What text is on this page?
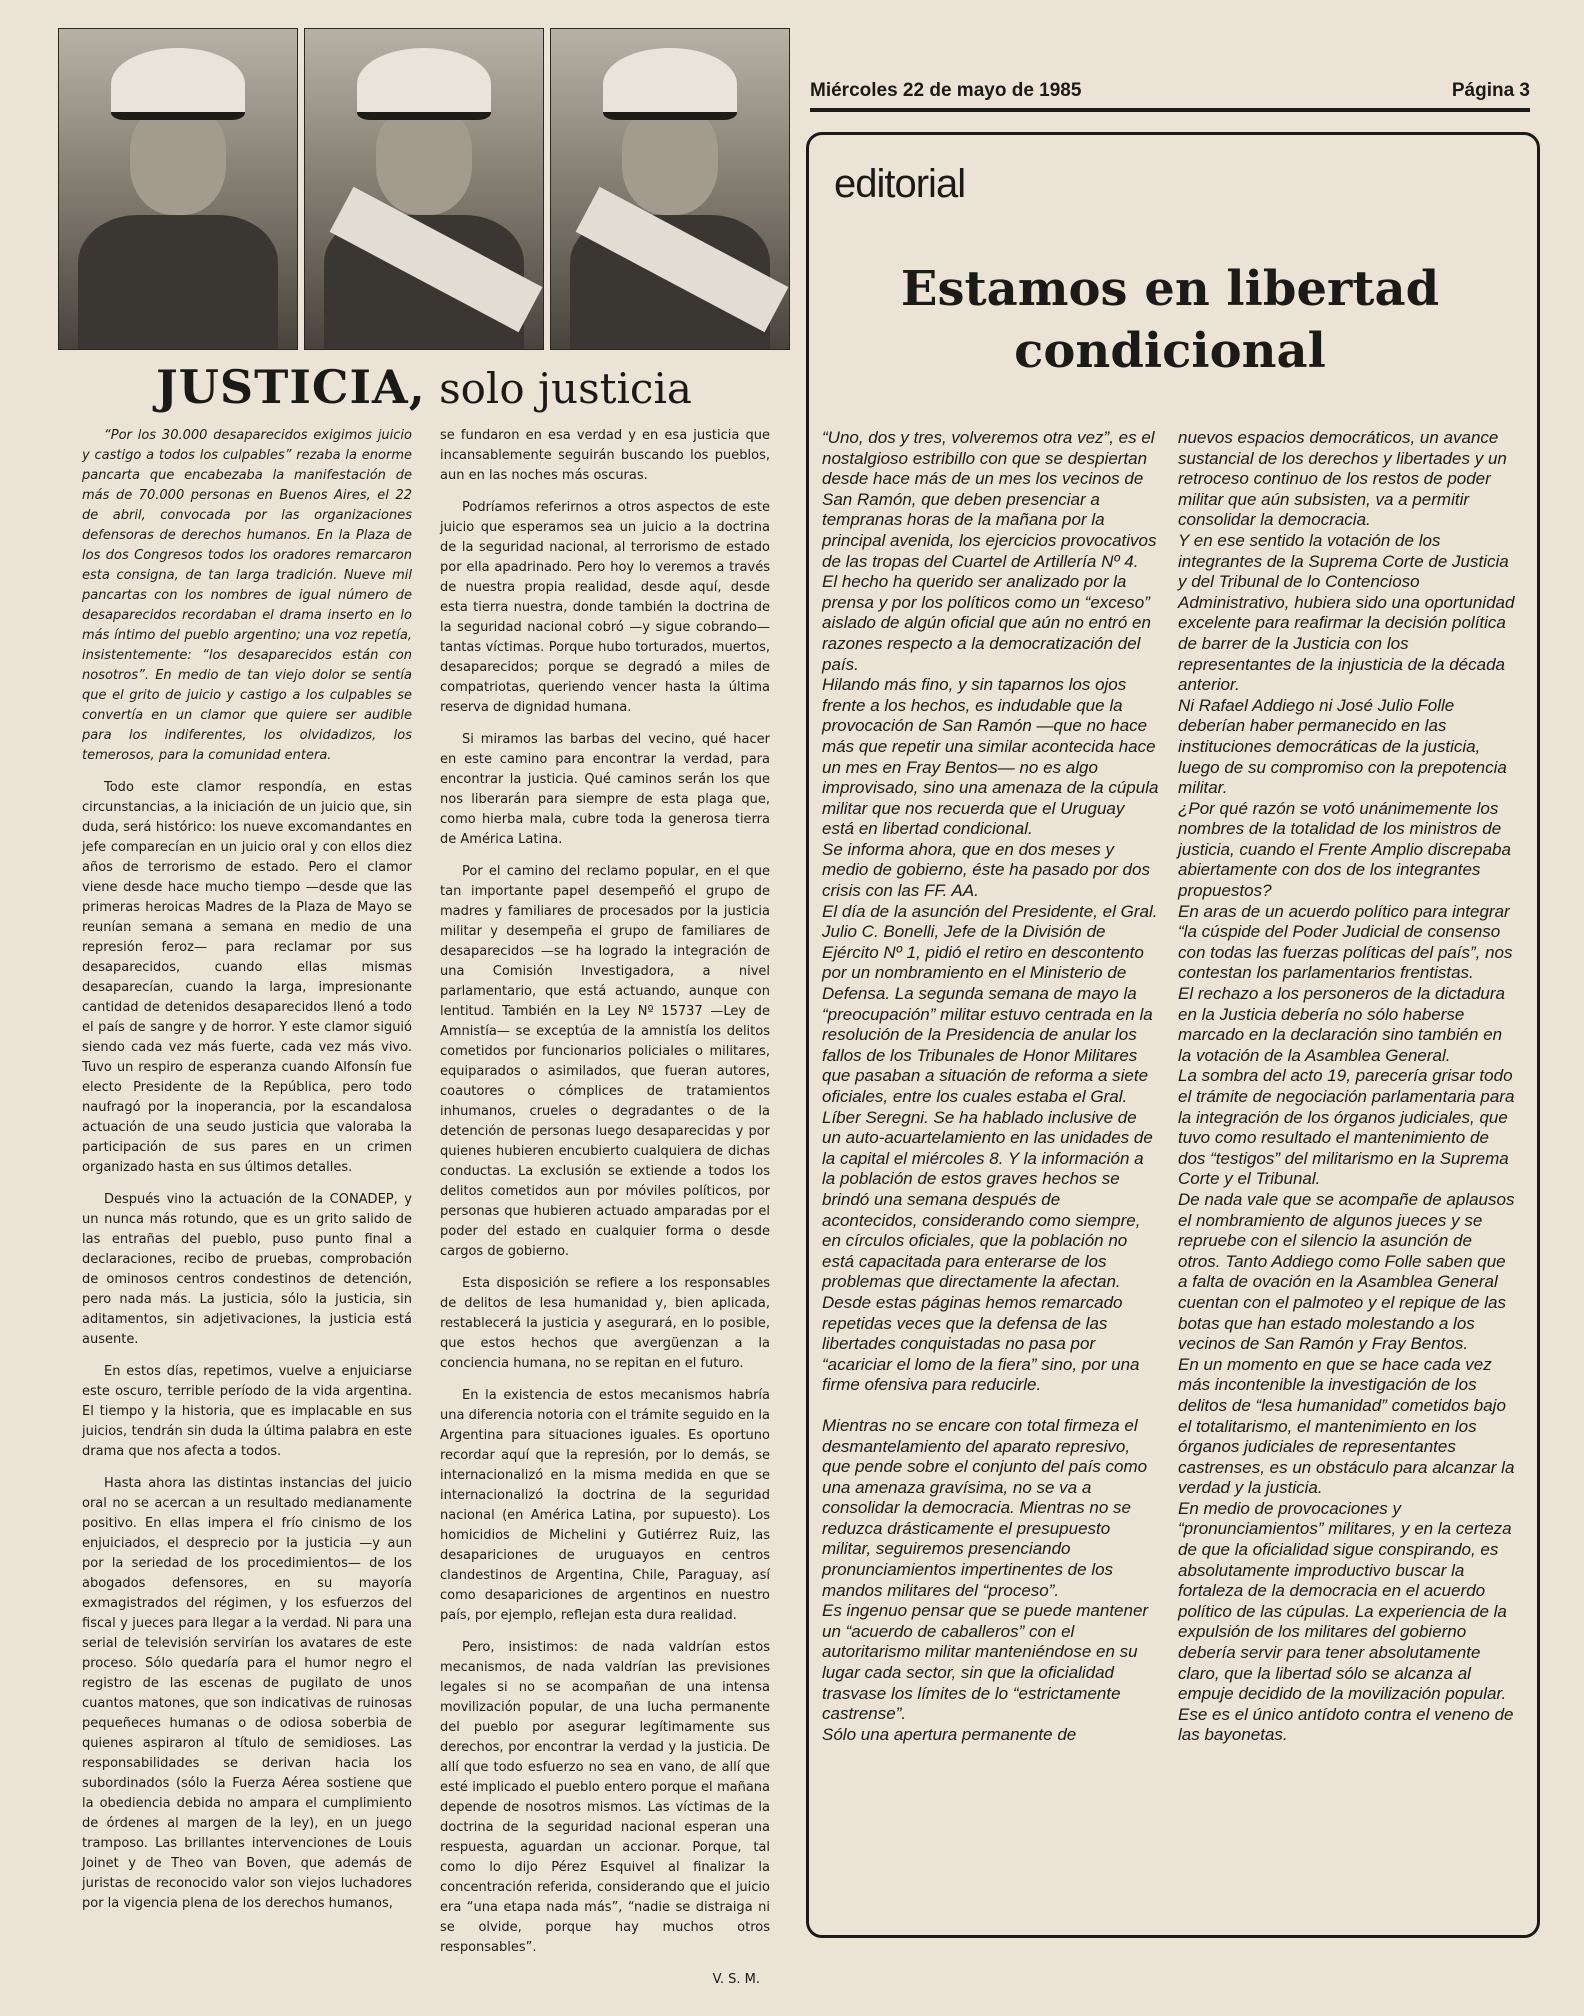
JUSTICIA, solo justicia

“Por los 30.000 desaparecidos exigimos juicio y castigo a todos los culpables” rezaba la enorme pancarta que encabezaba la manifestación de más de 70.000 personas en Buenos Aires, el 22 de abril, convocada por las organizaciones defensoras de derechos humanos. En la Plaza de los dos Congresos todos los oradores remarcaron esta consigna, de tan larga tradición. Nueve mil pancartas con los nombres de igual número de desaparecidos recordaban el drama inserto en lo más íntimo del pueblo argentino; una voz repetía, insistentemente: “los desaparecidos están con nosotros”. En medio de tan viejo dolor se sentía que el grito de juicio y castigo a los culpables se convertía en un clamor que quiere ser audible para los indiferentes, los olvidadizos, los temerosos, para la comunidad entera.

Todo este clamor respondía, en estas circunstancias, a la iniciación de un juicio que, sin duda, será histórico: los nueve excomandantes en jefe comparecían en un juicio oral y con ellos diez años de terrorismo de estado. Pero el clamor viene desde hace mucho tiempo —desde que las primeras heroicas Madres de la Plaza de Mayo se reunían semana a semana en medio de una represión feroz— para reclamar por sus desaparecidos, cuando ellas mismas desaparecían, cuando la larga, impresionante cantidad de detenidos desaparecidos llenó a todo el país de sangre y de horror. Y este clamor siguió siendo cada vez más fuerte, cada vez más vivo. Tuvo un respiro de esperanza cuando Alfonsín fue electo Presidente de la República, pero todo naufragó por la inoperancia, por la escandalosa actuación de una seudo justicia que valoraba la participación de sus pares en un crimen organizado hasta en sus últimos detalles.

Después vino la actuación de la CONADEP, y un nunca más rotundo, que es un grito salido de las entrañas del pueblo, puso punto final a declaraciones, recibo de pruebas, comprobación de ominosos centros condestinos de detención, pero nada más. La justicia, sólo la justicia, sin aditamentos, sin adjetivaciones, la justicia está ausente.

En estos días, repetimos, vuelve a enjuiciarse este oscuro, terrible período de la vida argentina. El tiempo y la historia, que es implacable en sus juicios, tendrán sin duda la última palabra en este drama que nos afecta a todos.

Hasta ahora las distintas instancias del juicio oral no se acercan a un resultado medianamente positivo. En ellas impera el frío cinismo de los enjuiciados, el desprecio por la justicia —y aun por la seriedad de los procedimientos— de los abogados defensores, en su mayoría exmagistrados del régimen, y los esfuerzos del fiscal y jueces para llegar a la verdad. Ni para una serial de televisión servirían los avatares de este proceso. Sólo quedaría para el humor negro el registro de las escenas de pugilato de unos cuantos matones, que son indicativas de ruinosas pequeñeces humanas o de odiosa soberbia de quienes aspiraron al título de semidioses. Las responsabilidades se derivan hacia los subordinados (sólo la Fuerza Aérea sostiene que la obediencia debida no ampara el cumplimiento de órdenes al margen de la ley), en un juego tramposo. Las brillantes intervenciones de Louis Joinet y de Theo van Boven, que además de juristas de reconocido valor son viejos luchadores por la vigencia plena de los derechos humanos,

se fundaron en esa verdad y en esa justicia que incansablemente seguirán buscando los pueblos, aun en las noches más oscuras.

Podríamos referirnos a otros aspectos de este juicio que esperamos sea un juicio a la doctrina de la seguridad nacional, al terrorismo de estado por ella apadrinado. Pero hoy lo veremos a través de nuestra propia realidad, desde aquí, desde esta tierra nuestra, donde también la doctrina de la seguridad nacional cobró —y sigue cobrando— tantas víctimas. Porque hubo torturados, muertos, desaparecidos; porque se degradó a miles de compatriotas, queriendo vencer hasta la última reserva de dignidad humana.

Si miramos las barbas del vecino, qué hacer en este camino para encontrar la verdad, para encontrar la justicia. Qué caminos serán los que nos liberarán para siempre de esta plaga que, como hierba mala, cubre toda la generosa tierra de América Latina.

Por el camino del reclamo popular, en el que tan importante papel desempeñó el grupo de madres y familiares de procesados por la justicia militar y desempeña el grupo de familiares de desaparecidos —se ha logrado la integración de una Comisión Investigadora, a nivel parlamentario, que está actuando, aunque con lentitud. También en la Ley Nº 15737 —Ley de Amnistía— se exceptúa de la amnistía los delitos cometidos por funcionarios policiales o militares, equiparados o asimilados, que fueran autores, coautores o cómplices de tratamientos inhumanos, crueles o degradantes o de la detención de personas luego desaparecidas y por quienes hubieren encubierto cualquiera de dichas conductas. La exclusión se extiende a todos los delitos cometidos aun por móviles políticos, por personas que hubieren actuado amparadas por el poder del estado en cualquier forma o desde cargos de gobierno.

Esta disposición se refiere a los responsables de delitos de lesa humanidad y, bien aplicada, restablecerá la justicia y asegurará, en lo posible, que estos hechos que avergüenzan a la conciencia humana, no se repitan en el futuro.

En la existencia de estos mecanismos habría una diferencia notoria con el trámite seguido en la Argentina para situaciones iguales. Es oportuno recordar aquí que la represión, por lo demás, se internacionalizó en la misma medida en que se internacionalizó la doctrina de la seguridad nacional (en América Latina, por supuesto). Los homicidios de Michelini y Gutiérrez Ruiz, las desapariciones de uruguayos en centros clandestinos de Argentina, Chile, Paraguay, así como desapariciones de argentinos en nuestro país, por ejemplo, reflejan esta dura realidad.

Pero, insistimos: de nada valdrían estos mecanismos, de nada valdrían las previsiones legales si no se acompañan de una intensa movilización popular, de una lucha permanente del pueblo por asegurar legítimamente sus derechos, por encontrar la verdad y la justicia. De allí que todo esfuerzo no sea en vano, de allí que esté implicado el pueblo entero porque el mañana depende de nosotros mismos. Las víctimas de la doctrina de la seguridad nacional esperan una respuesta, aguardan un accionar. Porque, tal como lo dijo Pérez Esquivel al finalizar la concentración referida, considerando que el juicio era “una etapa nada más”, “nadie se distraiga ni se olvide, porque hay muchos otros responsables”.

V. S. M.
Miércoles 22 de mayo de 1985	Página 3
editorial
Estamos en libertad
condicional

“Uno, dos y tres, volveremos otra vez”, es el nostalgioso estribillo con que se despiertan desde hace más de un mes los vecinos de San Ramón, que deben presenciar a tempranas horas de la mañana por la principal avenida, los ejercicios provocativos de las tropas del Cuartel de Artillería Nº 4.

El hecho ha querido ser analizado por la prensa y por los políticos como un “exceso” aislado de algún oficial que aún no entró en razones respecto a la democratización del país.

Hilando más fino, y sin taparnos los ojos frente a los hechos, es indudable que la provocación de San Ramón —que no hace más que repetir una similar acontecida hace un mes en Fray Bentos— no es algo improvisado, sino una amenaza de la cúpula militar que nos recuerda que el Uruguay está en libertad condicional.

Se informa ahora, que en dos meses y medio de gobierno, éste ha pasado por dos crisis con las FF. AA.

El día de la asunción del Presidente, el Gral. Julio C. Bonelli, Jefe de la División de Ejército Nº 1, pidió el retiro en descontento por un nombramiento en el Ministerio de Defensa. La segunda semana de mayo la “preocupación” militar estuvo centrada en la resolución de la Presidencia de anular los fallos de los Tribunales de Honor Militares que pasaban a situación de reforma a siete oficiales, entre los cuales estaba el Gral. Líber Seregni. Se ha hablado inclusive de un auto-acuartelamiento en las unidades de la capital el miércoles 8. Y la información a la población de estos graves hechos se brindó una semana después de acontecidos, considerando como siempre, en círculos oficiales, que la población no está capacitada para enterarse de los problemas que directamente la afectan.

Desde estas páginas hemos remarcado repetidas veces que la defensa de las libertades conquistadas no pasa por “acariciar el lomo de la fiera” sino, por una firme ofensiva para reducirle.

Mientras no se encare con total firmeza el desmantelamiento del aparato represivo, que pende sobre el conjunto del país como una amenaza gravísima, no se va a consolidar la democracia. Mientras no se reduzca drásticamente el presupuesto militar, seguiremos presenciando pronunciamientos impertinentes de los mandos militares del “proceso”.

Es ingenuo pensar que se puede mantener un “acuerdo de caballeros” con el autoritarismo militar manteniéndose en su lugar cada sector, sin que la oficialidad trasvase los límites de lo “estrictamente castrense”.

Sólo una apertura permanente de

nuevos espacios democráticos, un avance sustancial de los derechos y libertades y un retroceso continuo de los restos de poder militar que aún subsisten, va a permitir consolidar la democracia.

Y en ese sentido la votación de los integrantes de la Suprema Corte de Justicia y del Tribunal de lo Contencioso Administrativo, hubiera sido una oportunidad excelente para reafirmar la decisión política de barrer de la Justicia con los representantes de la injusticia de la década anterior.

Ni Rafael Addiego ni José Julio Folle deberían haber permanecido en las instituciones democráticas de la justicia, luego de su compromiso con la prepotencia militar.

¿Por qué razón se votó unánimemente los nombres de la totalidad de los ministros de justicia, cuando el Frente Amplio discrepaba abiertamente con dos de los integrantes propuestos?

En aras de un acuerdo político para integrar “la cúspide del Poder Judicial de consenso con todas las fuerzas políticas del país”, nos contestan los parlamentarios frentistas.

El rechazo a los personeros de la dictadura en la Justicia debería no sólo haberse marcado en la declaración sino también en la votación de la Asamblea General.

La sombra del acto 19, parecería grisar todo el trámite de negociación parlamentaria para la integración de los órganos judiciales, que tuvo como resultado el mantenimiento de dos “testigos” del militarismo en la Suprema Corte y el Tribunal.

De nada vale que se acompañe de aplausos el nombramiento de algunos jueces y se repruebe con el silencio la asunción de otros. Tanto Addiego como Folle saben que a falta de ovación en la Asamblea General cuentan con el palmoteo y el repique de las botas que han estado molestando a los vecinos de San Ramón y Fray Bentos.

En un momento en que se hace cada vez más incontenible la investigación de los delitos de “lesa humanidad” cometidos bajo el totalitarismo, el mantenimiento en los órganos judiciales de representantes castrenses, es un obstáculo para alcanzar la verdad y la justicia.

En medio de provocaciones y “pronunciamientos” militares, y en la certeza de que la oficialidad sigue conspirando, es absolutamente improductivo buscar la fortaleza de la democracia en el acuerdo político de las cúpulas. La experiencia de la expulsión de los militares del gobierno debería servir para tener absolutamente claro, que la libertad sólo se alcanza al empuje decidido de la movilización popular.

Ese es el único antídoto contra el veneno de las bayonetas.
